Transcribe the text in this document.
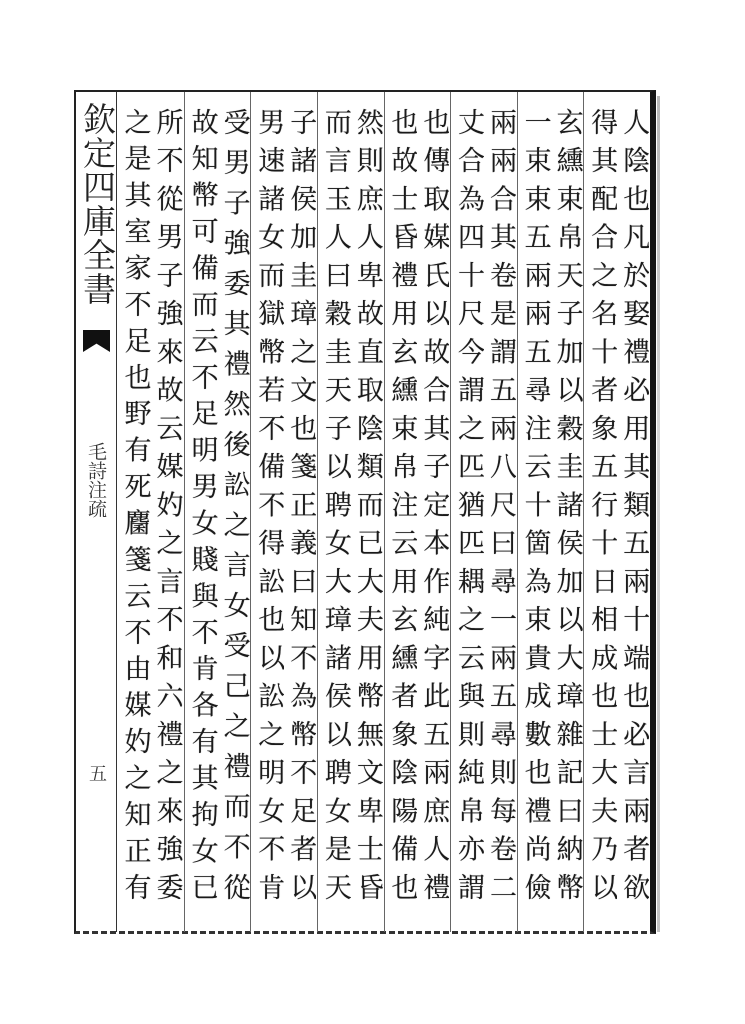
欽定四庫全書
毛詩注疏
五	人陰也凡於娶禮必用其類五兩十端也必言兩者欲
得其配合之名十者象五行十日相成也士大夫乃以
玄纁束帛天子加以穀圭諸侯加以大璋雜記曰納幣
一束束五兩兩五尋注云十箇為束貴成數也禮尚儉
兩兩合其卷是謂五兩八尺曰尋一兩五尋則每卷二
丈合為四十尺今謂之匹猶匹耦之云與則純帛亦謂
也傳取媒氏以故合其子定本作純字此五兩庶人禮
也故士昏禮用玄纁束帛注云用玄纁者象陰陽備也
然則庶人卑故直取陰類而已大夫用幣無文卑士昏
而言玉人曰穀圭天子以聘女大璋諸侯以聘女是天
子諸侯加圭璋之文也箋正義曰知不為幣不足者以
男速諸女而獄幣若不備不得訟也以訟之明女不肯
受男子強委其禮然後訟之言女受己之禮而不從
故知幣可備而云不足明男女賤與不肯各有其拘女已
所不從男子強來故云媒妁之言不和六禮之來強委
之是其室家不足也野有死麕箋云不由媒妁之知正有
